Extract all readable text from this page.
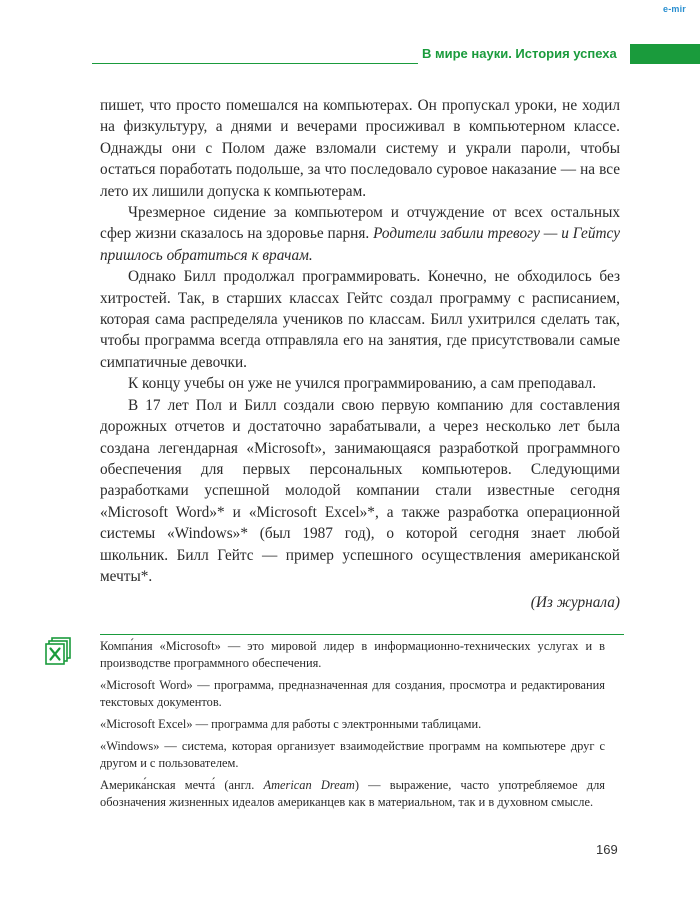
e-mir
В мире науки. История успеха

пишет, что просто помешался на компьютерах. Он пропускал уроки, не ходил на физкультуру, а днями и вечерами просиживал в компьютерном классе. Однажды они с Полом даже взломали систему и украли пароли, чтобы остаться поработать подольше, за что последовало суровое наказание — на все лето их лишили допуска к компьютерам.

Чрезмерное сидение за компьютером и отчуждение от всех остальных сфер жизни сказалось на здоровье парня. Родители забили тревогу — и Гейтсу пришлось обратиться к врачам.

Однако Билл продолжал программировать. Конечно, не обходилось без хитростей. Так, в старших классах Гейтс создал программу с расписанием, которая сама распределяла учеников по классам. Билл ухитрился сделать так, чтобы программа всегда отправляла его на занятия, где присутствовали самые симпатичные девочки.

К концу учебы он уже не учился программированию, а сам преподавал.

В 17 лет Пол и Билл создали свою первую компанию для составления дорожных отчетов и достаточно зарабатывали, а через несколько лет была создана легендарная «Microsoft», занимающаяся разработкой программного обеспечения для первых персональных компьютеров. Следующими разработками успешной молодой компании стали известные сегодня «Microsoft Word»* и «Microsoft Excel»*, а также разработка операционной системы «Windows»* (был 1987 год), о которой сегодня знает любой школьник. Билл Гейтс — пример успешного осуществления американской мечты*.

(Из журнала)

Компа́ния «Microsoft» — это мировой лидер в информационно-технических услугах и в производстве программного обеспечения.

«Microsoft Word» — программа, предназначенная для создания, просмотра и редактирования текстовых документов.

«Microsoft Excel» — программа для работы с электронными таблицами.

«Windows» — система, которая организует взаимодействие программ на компьютере друг с другом и с пользователем.

Америка́нская мечта́ (англ. American Dream) — выражение, часто употребляемое для обозначения жизненных идеалов американцев как в материальном, так и в духовном смысле.

169
